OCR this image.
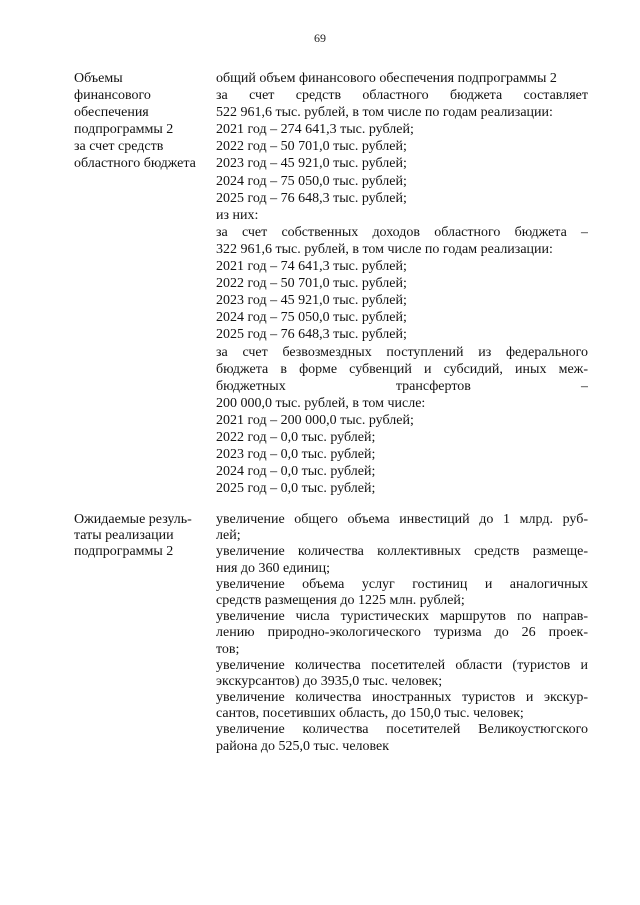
69
Объемы
финансового
обеспечения
подпрограммы 2
за счет средств
областного бюджета
общий объем финансового обеспечения подпрограммы 2
за счет средств областного бюджета составляет
522 961,6 тыс. рублей, в том числе по годам реализации:
2021 год – 274 641,3 тыс. рублей;
2022 год – 50 701,0 тыс. рублей;
2023 год – 45 921,0 тыс. рублей;
2024 год – 75 050,0 тыс. рублей;
2025 год – 76 648,3 тыс. рублей;
из них:
за счет собственных доходов областного бюджета –
322 961,6 тыс. рублей, в том числе по годам реализации:
2021 год – 74 641,3 тыс. рублей;
2022 год – 50 701,0 тыс. рублей;
2023 год – 45 921,0 тыс. рублей;
2024 год – 75 050,0 тыс. рублей;
2025 год – 76 648,3 тыс. рублей;
за счет безвозмездных поступлений из федерального
бюджета в форме субвенций и субсидий, иных меж-
бюджетных трансфертов –
200 000,0 тыс. рублей, в том числе:
2021 год – 200 000,0 тыс. рублей;
2022 год – 0,0 тыс. рублей;
2023 год – 0,0 тыс. рублей;
2024 год – 0,0 тыс. рублей;
2025 год – 0,0 тыс. рублей;
Ожидаемые резуль-
таты реализации
подпрограммы 2
увеличение общего объема инвестиций до 1 млрд. руб-
лей;
увеличение количества коллективных средств размеще-
ния до 360 единиц;
увеличение объема услуг гостиниц и аналогичных
средств размещения до 1225 млн. рублей;
увеличение числа туристических маршрутов по направ-
лению природно-экологического туризма до 26 проек-
тов;
увеличение количества посетителей области (туристов и
экскурсантов) до 3935,0 тыс. человек;
увеличение количества иностранных туристов и экскур-
сантов, посетивших область, до 150,0 тыс. человек;
увеличение количества посетителей Великоустюгского
района до 525,0 тыс. человек
